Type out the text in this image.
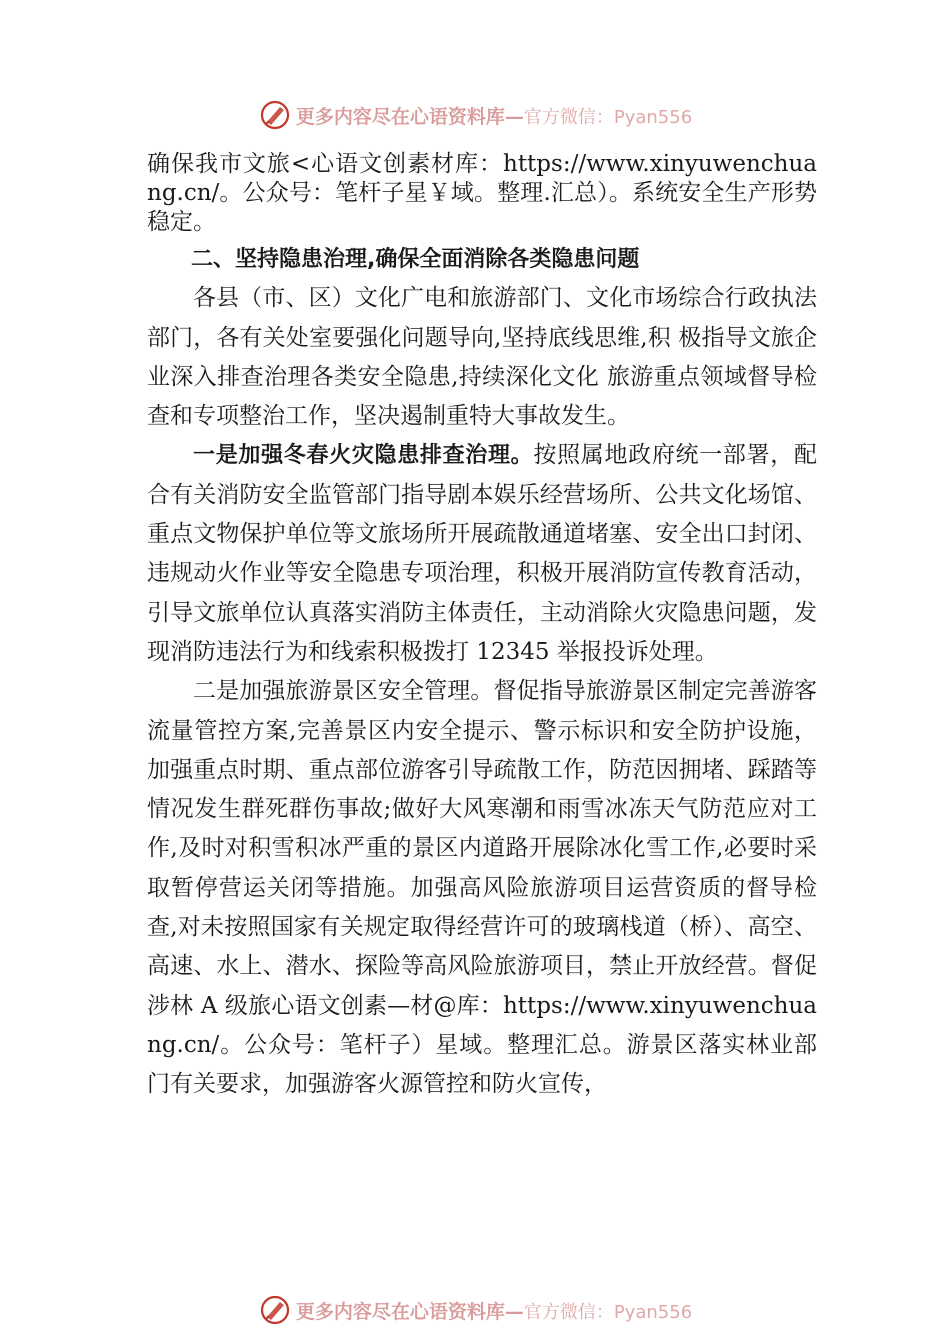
更多内容尽在心语资料库—官方微信：Pyan556

确保我市文旅<心语文创素材库：https://www.xinyuwenchuang.cn/。公众号：笔杆子星￥域。整理.汇总）。系统安全生产形势稳定。

二、坚持隐患治理,确保全面消除各类隐患问题

各县（市、区）文化广电和旅游部门、文化市场综合行政执法部门，各有关处室要强化问题导向,坚持底线思维,积 极指导文旅企业深入排查治理各类安全隐患,持续深化文化 旅游重点领域督导检查和专项整治工作，坚决遏制重特大事故发生。

一是加强冬春火灾隐患排查治理。按照属地政府统一部署，配合有关消防安全监管部门指导剧本娱乐经营场所、公共文化场馆、重点文物保护单位等文旅场所开展疏散通道堵塞、安全出口封闭、违规动火作业等安全隐患专项治理，积极开展消防宣传教育活动，引导文旅单位认真落实消防主体责任，主动消除火灾隐患问题，发现消防违法行为和线索积极拨打 12345 举报投诉处理。

二是加强旅游景区安全管理。督促指导旅游景区制定完善游客流量管控方案,完善景区内安全提示、警示标识和安全防护设施，加强重点时期、重点部位游客引导疏散工作，防范因拥堵、踩踏等情况发生群死群伤事故;做好大风寒潮和雨雪冰冻天气防范应对工作,及时对积雪积冰严重的景区内道路开展除冰化雪工作,必要时采取暂停营运关闭等措施。加强高风险旅游项目运营资质的督导检查,对未按照国家有关规定取得经营许可的玻璃栈道（桥）、高空、高速、水上、潜水、探险等高风险旅游项目，禁止开放经营。督促涉林 A 级旅心语文创素—材@库：https://www.xinyuwenchuang.cn/。公众号：笔杆子）星域。整理汇总。游景区落实林业部门有关要求，加强游客火源管控和防火宣传，

更多内容尽在心语资料库—官方微信：Pyan556
